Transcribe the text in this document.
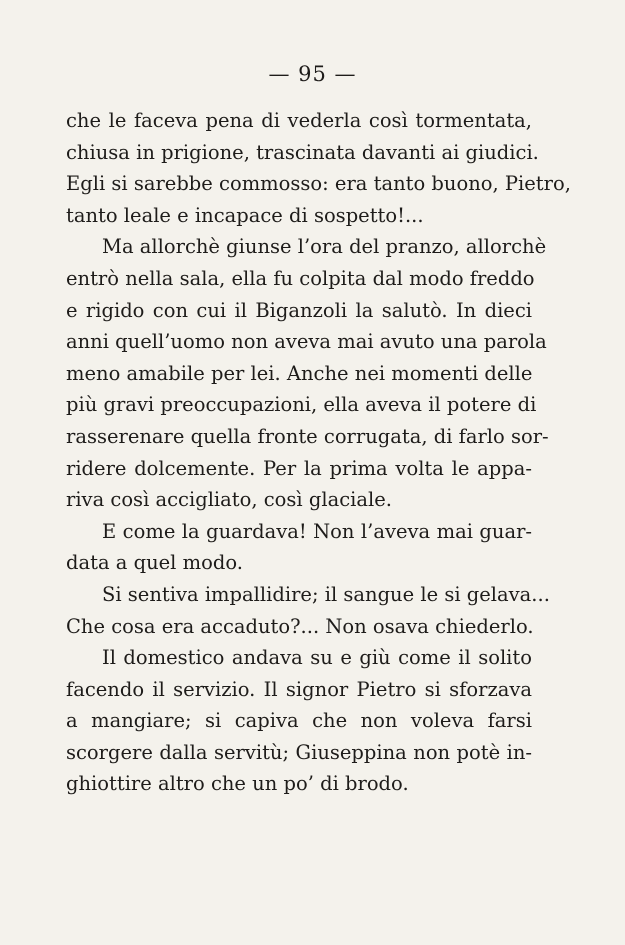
— 95 —
che le faceva pena di vederla così tormentata,
chiusa in prigione, trascinata davanti ai giudici.
Egli si sarebbe commosso: era tanto buono, Pietro,
tanto leale e incapace di sospetto!...
Ma allorchè giunse l’ora del pranzo, allorchè
entrò nella sala, ella fu colpita dal modo freddo
e rigido con cui il Biganzoli la salutò. In dieci
anni quell’uomo non aveva mai avuto una parola
meno amabile per lei. Anche nei momenti delle
più gravi preoccupazioni, ella aveva il potere di
rasserenare quella fronte corrugata, di farlo sor-
ridere dolcemente. Per la prima volta le appa-
riva così accigliato, così glaciale.
E come la guardava! Non l’aveva mai guar-
data a quel modo.
Si sentiva impallidire; il sangue le si gelava...
Che cosa era accaduto?... Non osava chiederlo.
Il domestico andava su e giù come il solito
facendo il servizio. Il signor Pietro si sforzava
a mangiare; si capiva che non voleva farsi
scorgere dalla servitù; Giuseppina non potè in-
ghiottire altro che un po’ di brodo.
